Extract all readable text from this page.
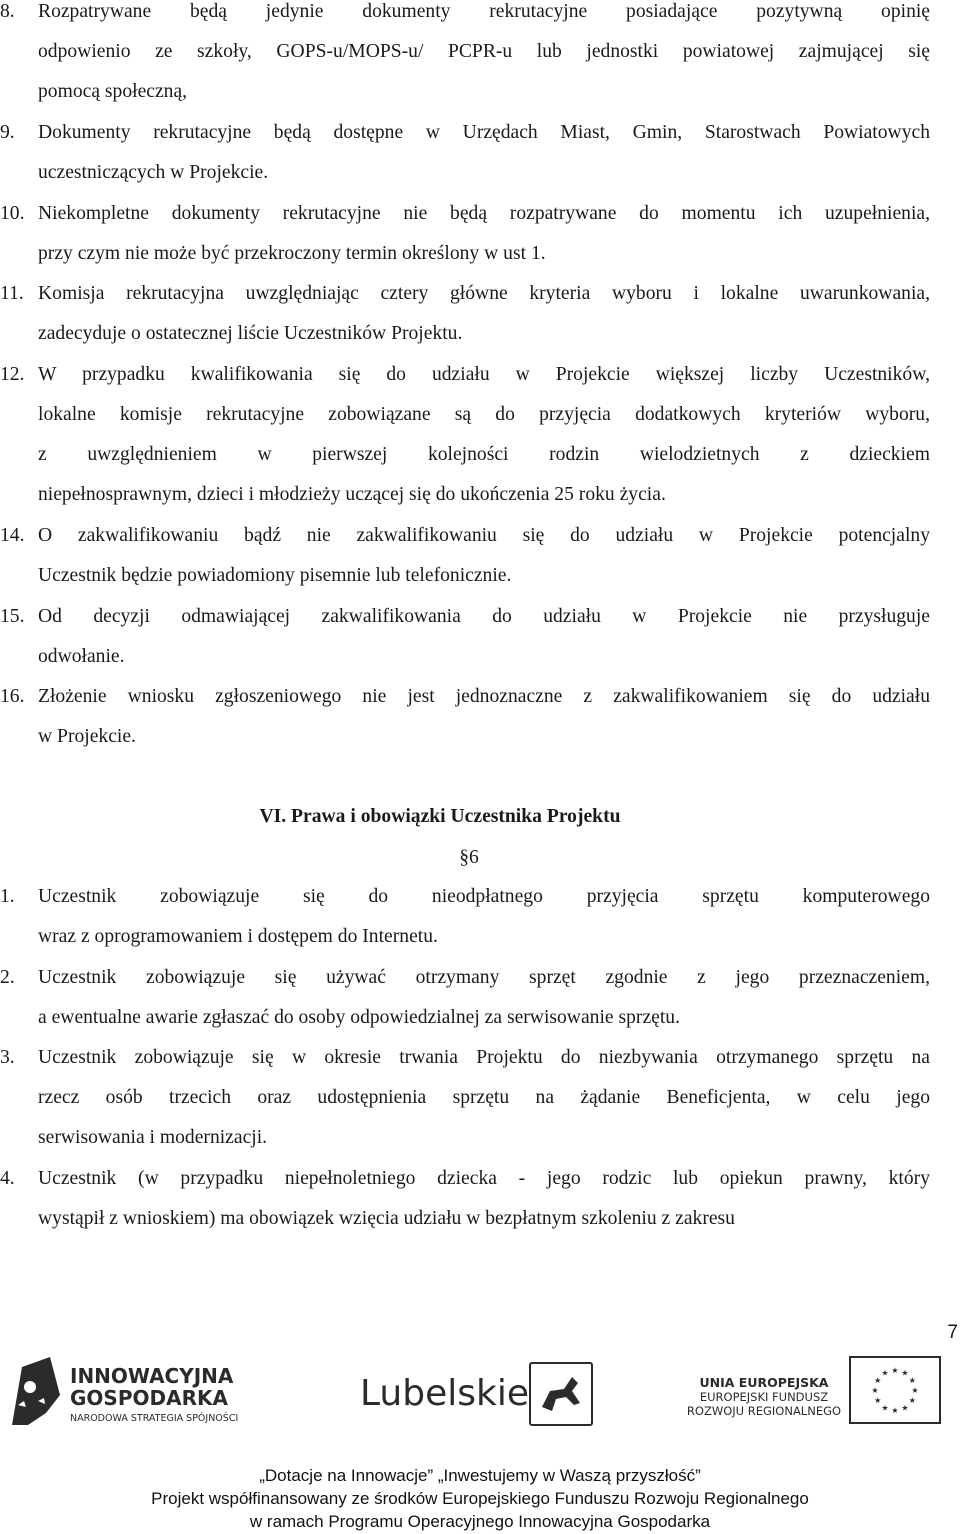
8. Rozpatrywane będą jedynie dokumenty rekrutacyjne posiadające pozytywną opinię
odpowienio ze szkoły, GOPS-u/MOPS-u/ PCPR-u lub jednostki powiatowej zajmującej się
pomocą społeczną,
9. Dokumenty rekrutacyjne będą dostępne w Urzędach Miast, Gmin, Starostwach Powiatowych
uczestniczących w Projekcie.
10. Niekompletne dokumenty rekrutacyjne nie będą rozpatrywane do momentu ich uzupełnienia,
przy czym nie może być przekroczony termin określony w ust 1.
11. Komisja rekrutacyjna uwzględniając cztery główne kryteria wyboru i lokalne uwarunkowania,
zadecyduje o ostatecznej liście Uczestników Projektu.
12. W przypadku kwalifikowania się do udziału w Projekcie większej liczby Uczestników,
lokalne komisje rekrutacyjne zobowiązane są do przyjęcia dodatkowych kryteriów wyboru,
z uwzględnieniem w pierwszej kolejności rodzin wielodzietnych z dzieckiem
niepełnosprawnym, dzieci i młodzieży uczącej się do ukończenia 25 roku życia.
14. O zakwalifikowaniu bądź nie zakwalifikowaniu się do udziału w Projekcie potencjalny
Uczestnik będzie powiadomiony pisemnie lub telefonicznie.
15. Od decyzji odmawiającej zakwalifikowania do udziału w Projekcie nie przysługuje
odwołanie.
16. Złożenie wniosku zgłoszeniowego nie jest jednoznaczne z zakwalifikowaniem się do udziału
w Projekcie.
VI. Prawa i obowiązki Uczestnika Projektu
§6
1. Uczestnik zobowiązuje się do nieodpłatnego przyjęcia sprzętu komputerowego
wraz z oprogramowaniem i dostępem do Internetu.
2. Uczestnik zobowiązuje się używać otrzymany sprzęt zgodnie z jego przeznaczeniem,
a ewentualne awarie zgłaszać do osoby odpowiedzialnej za serwisowanie sprzętu.
3. Uczestnik zobowiązuje się w okresie trwania Projektu do niezbywania otrzymanego sprzętu na
rzecz osób trzecich oraz udostępnienia sprzętu na żądanie Beneficjenta, w celu jego
serwisowania i modernizacji.
4. Uczestnik (w przypadku niepełnoletniego dziecka - jego rodzic lub opiekun prawny, który
wystąpił z wnioskiem) ma obowiązek wzięcia udziału w bezpłatnym szkoleniu z zakresu
7
INNOWACYJNA
GOSPODARKA
NARODOWA STRATEGIA SPÓJNOŚCI
Lubelskie	UNIA EUROPEJSKA
EUROPEJSKI FUNDUSZ
ROZWOJU REGIONALNEGO
★ ★
★
★
★
★
★
★
★
★
★
★
„Dotacje na Innowacje” „Inwestujemy w Waszą przyszłość”
Projekt współfinansowany ze środków Europejskiego Funduszu Rozwoju Regionalnego
w ramach Programu Operacyjnego Innowacyjna Gospodarka
